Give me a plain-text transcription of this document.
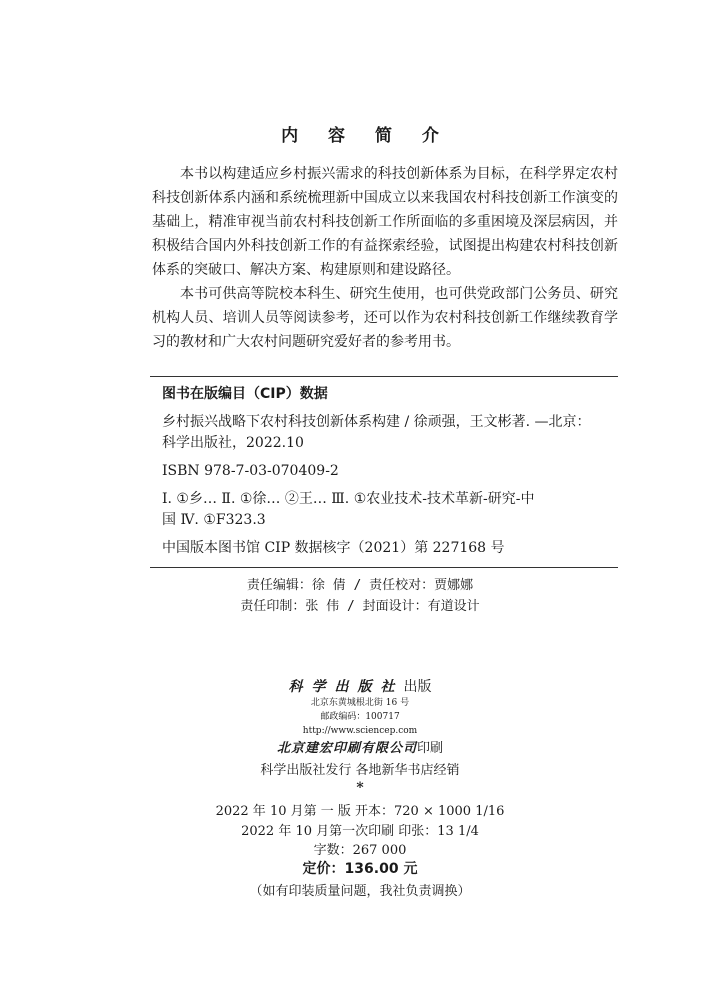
内 容 简 介

本书以构建适应乡村振兴需求的科技创新体系为目标，在科学界定农村科技创新体系内涵和系统梳理新中国成立以来我国农村科技创新工作演变的基础上，精准审视当前农村科技创新工作所面临的多重困境及深层病因，并积极结合国内外科技创新工作的有益探索经验，试图提出构建农村科技创新体系的突破口、解决方案、构建原则和建设路径。

本书可供高等院校本科生、研究生使用，也可供党政部门公务员、研究机构人员、培训人员等阅读参考，还可以作为农村科技创新工作继续教育学习的教材和广大农村问题研究爱好者的参考用书。

图书在版编目（CIP）数据
乡村振兴战略下农村科技创新体系构建 / 徐顽强，王文彬著. —北京：
科学出版社，2022.10
ISBN 978-7-03-070409-2
Ⅰ. ①乡… Ⅱ. ①徐… ②王… Ⅲ. ①农业技术-技术革新-研究-中
国 Ⅳ. ①F323.3
中国版本图书馆 CIP 数据核字（2021）第 227168 号
责任编辑：徐 倩 / 责任校对：贾娜娜
责任印制：张 伟 / 封面设计：有道设计
科学出版社出版
北京东黄城根北街 16 号
邮政编码：100717
http://www.sciencep.com
北京建宏印刷有限公司印刷
科学出版社发行 各地新华书店经销
*
2022 年 10 月第 一 版 开本：720 × 1000 1/16
2022 年 10 月第一次印刷 印张：13 1/4
字数：267 000
定价：136.00 元
（如有印装质量问题，我社负责调换）
